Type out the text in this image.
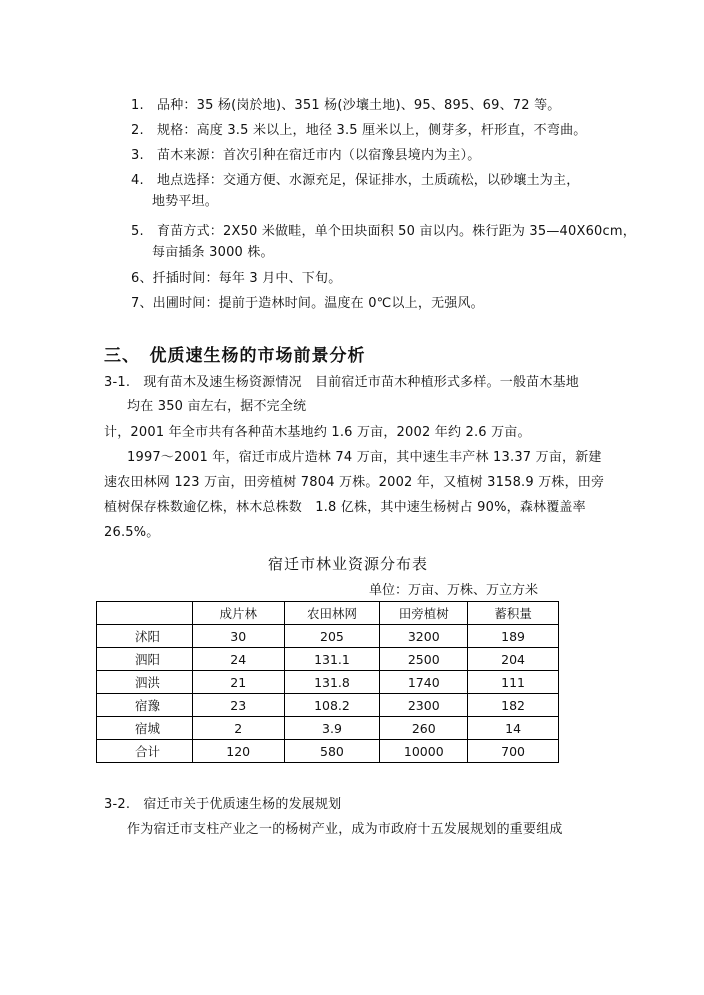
1.　品种：35 杨(岗於地)、351 杨(沙壤土地)、95、895、69、72 等。
2.　规格：高度 3.5 米以上，地径 3.5 厘米以上，侧芽多，杆形直，不弯曲。
3.　苗木来源：首次引种在宿迁市内（以宿豫县境内为主）。
4.　地点选择：交通方便、水源充足，保证排水，土质疏松，以砂壤土为主，
地势平坦。
5.　育苗方式：2X50 米做畦，单个田块面积 50 亩以内。株行距为 35—40X60cm，
每亩插条 3000 株。
6、扦插时间：每年 3 月中、下旬。
7、出圃时间：提前于造林时间。温度在 0℃以上，无强风。
三、　优质速生杨的市场前景分析
3-1.　现有苗木及速生杨资源情况　目前宿迁市苗木种植形式多样。一般苗木基地
均在 350 亩左右，据不完全统
计，2001 年全市共有各种苗木基地约 1.6 万亩，2002 年约 2.6 万亩。
1997～2001 年，宿迁市成片造林 74 万亩，其中速生丰产林 13.37 万亩，新建
速农田林网 123 万亩，田旁植树 7804 万株。2002 年，又植树 3158.9 万株，田旁
植树保存株数逾亿株，林木总株数　1.8 亿株，其中速生杨树占 90%，森林覆盖率
26.5%。
宿迁市林业资源分布表
单位：万亩、万株、万立方米
	成片林	农田林网	田旁植树	蓄积量
沭阳	30	205	3200	189
泗阳	24	131.1	2500	204
泗洪	21	131.8	1740	111
宿豫	23	108.2	2300	182
宿城	2	3.9	260	14
合计	120	580	10000	700
3-2.　宿迁市关于优质速生杨的发展规划
作为宿迁市支柱产业之一的杨树产业，成为市政府十五发展规划的重要组成
